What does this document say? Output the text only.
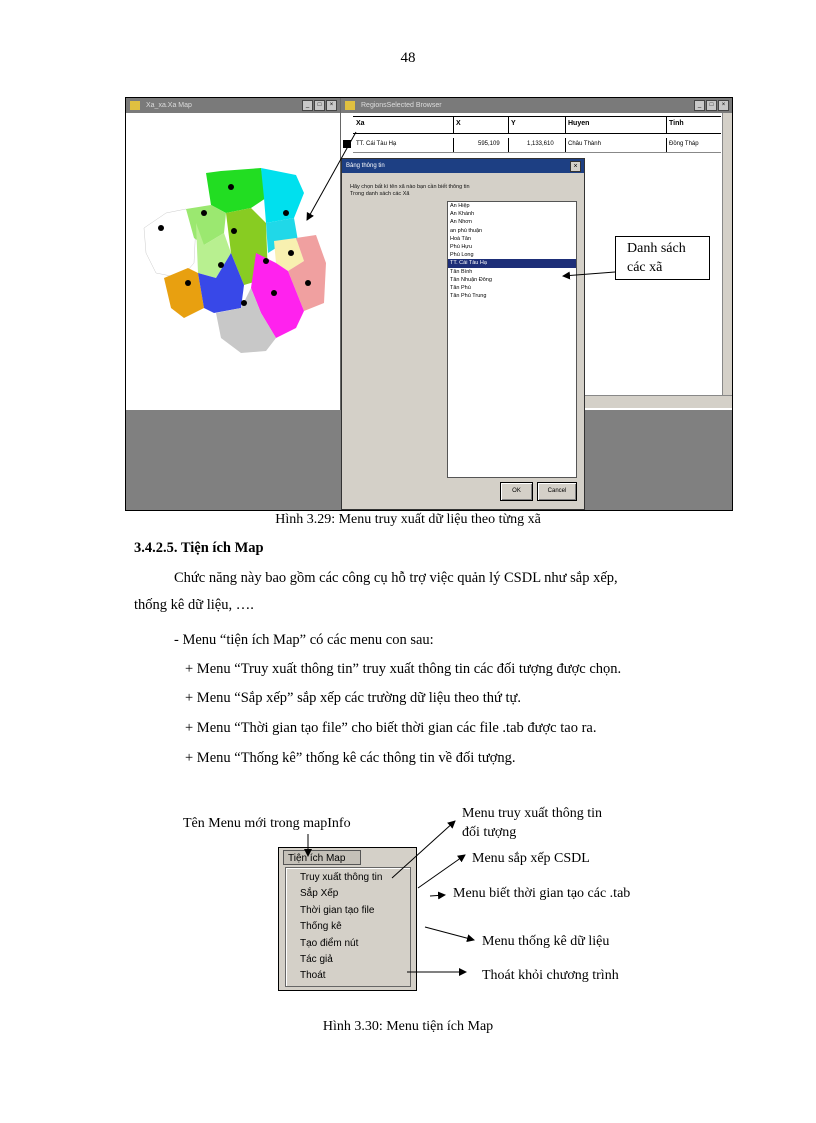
48
Xa_xa.Xa Map	_	□	×	RegionsSelected Browser	_	□	×
Xa	X	Y	Huyen	Tinh
TT. Cái Tàu Hạ	595,109	1,133,610 Châu Thành	Đồng Tháp
Bảng thông tin	×
Hãy chọn bất kì tên xã nào bạn cần biết thông tin
Trong danh sách các Xã
An Hiệp
An Khánh
An Nhơn
an phú thuận
Hoà Tân
Phú Hựu
Phú Long
TT. Cái Tàu Hạ
Tân Bình
Tân Nhuận Đông
Tân Phú
Tân Phú Trung
OK	Cancel
Danh sách
các xã
Hình 3.29: Menu truy xuất dữ liệu theo từng xã
3.4.2.5. Tiện ích Map
Chức năng này bao gồm các công cụ hỗ trợ việc quản lý CSDL như sắp xếp,
thống kê dữ liệu, ….
- Menu “tiện ích Map” có các menu con sau:
+ Menu “Truy xuất thông tin” truy xuất thông tin các đối tượng được chọn.
+ Menu “Sắp xếp” sắp xếp các trường dữ liệu theo thứ tự.
+ Menu “Thời gian tạo file” cho biết thời gian các file .tab được tao ra.
+ Menu “Thống kê” thống kê các thông tin về đối tượng.
Tên Menu mới trong mapInfo
Tiện ích Map
Truy xuất thông tin
Sắp Xếp
Thời gian tạo file
Thống kê
Tạo điểm nút
Tác giả
Thoát
Menu truy xuất thông tin
đối tượng
Menu sắp xếp CSDL
Menu biết thời gian tạo các .tab
Menu thống kê dữ liệu
Thoát khỏi chương trình
Hình 3.30: Menu tiện ích Map
